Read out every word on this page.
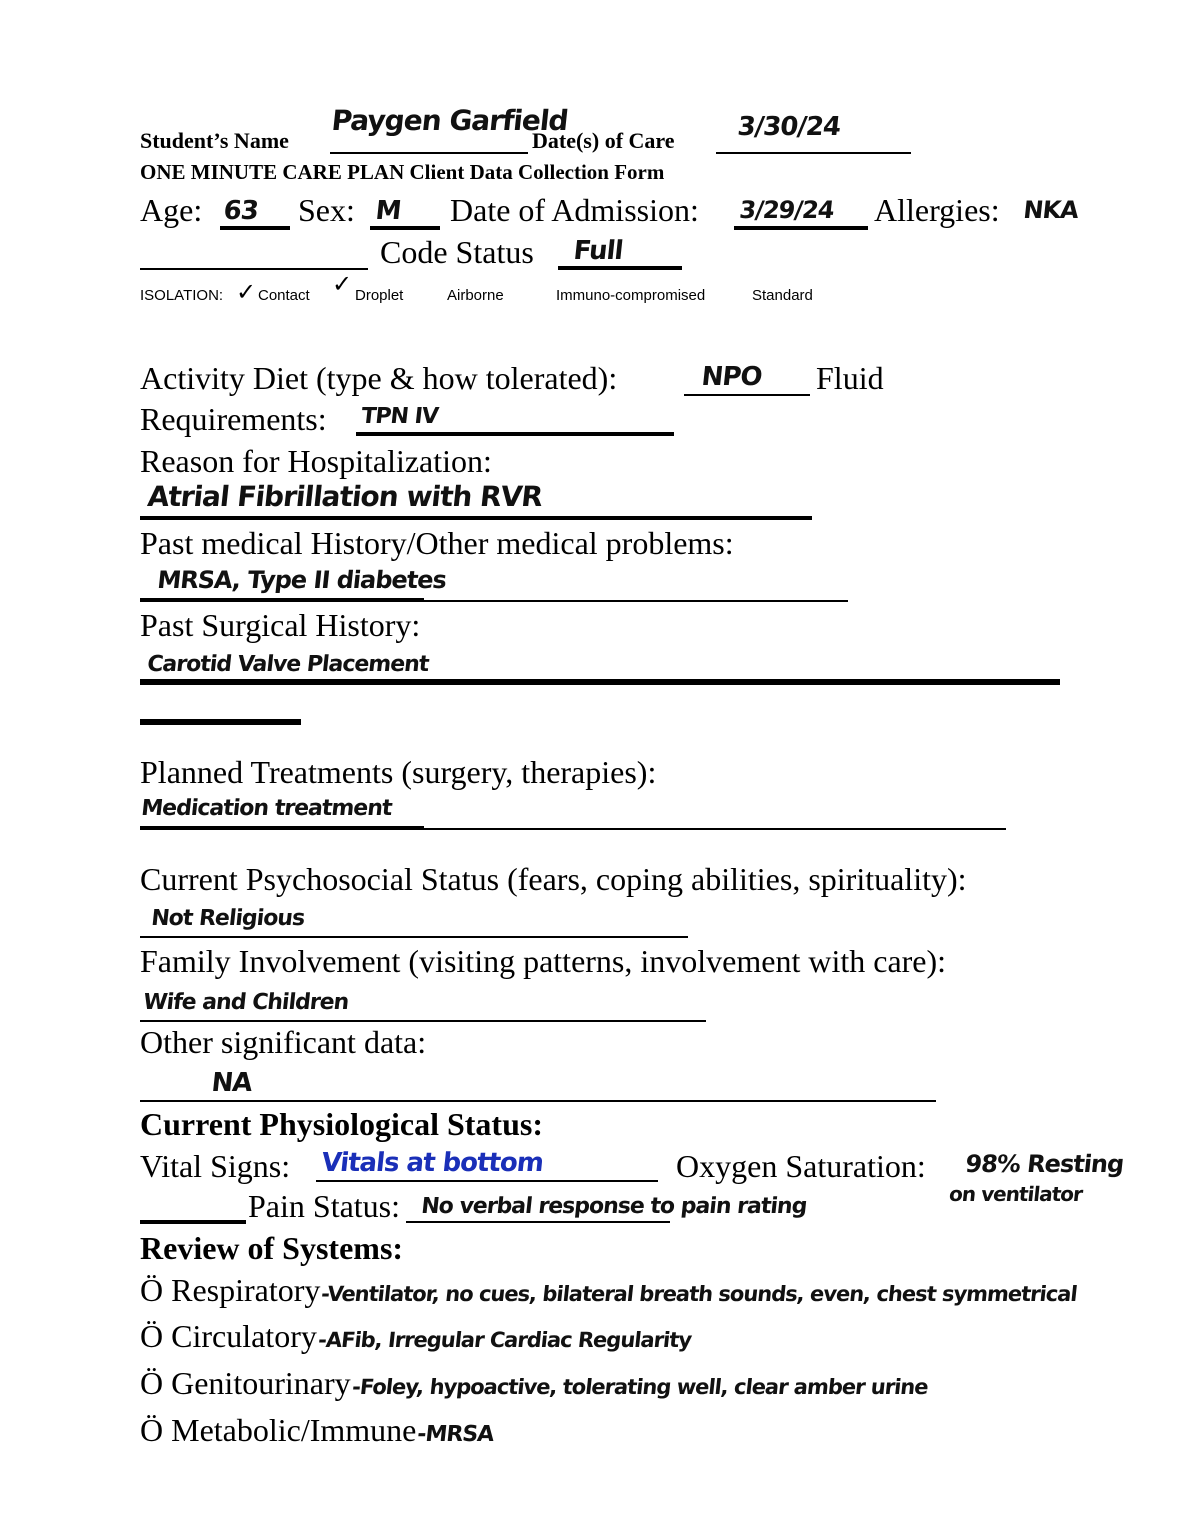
Student’s Name
Paygen Garfield
Date(s) of Care 3/30/24
ONE MINUTE CARE PLAN Client Data Collection Form
Age: 63 Sex: M Date of Admission: 3/29/24 Allergies: NKA
Code Status Full
ISOLATION: ✓ Contact ✓ Droplet	Airborne	Immuno-compromised	Standard
Activity Diet (type & how tolerated):	NPO Fluid
Requirements: TPN IV
Reason for Hospitalization:
Atrial Fibrillation with RVR
Past medical History/Other medical problems:
MRSA, Type II diabetes
Past Surgical History:
Carotid Valve Placement
Planned Treatments (surgery, therapies):
Medication treatment
Current Psychosocial Status (fears, coping abilities, spirituality):
Not Religious
Family Involvement (visiting patterns, involvement with care):
Wife and Children
Other significant data:
NA
Current Physiological Status:
Vital Signs: Vitals at bottom	Oxygen Saturation: 98% Resting
on ventilator
Pain Status: No verbal response to pain rating
Review of Systems:
Ö Respiratory-Ventilator, no cues, bilateral breath sounds, even, chest symmetrical
Ö Circulatory-AFib, Irregular Cardiac Regularity
Ö Genitourinary-Foley, hypoactive, tolerating well, clear amber urine
Ö Metabolic/Immune-MRSA
